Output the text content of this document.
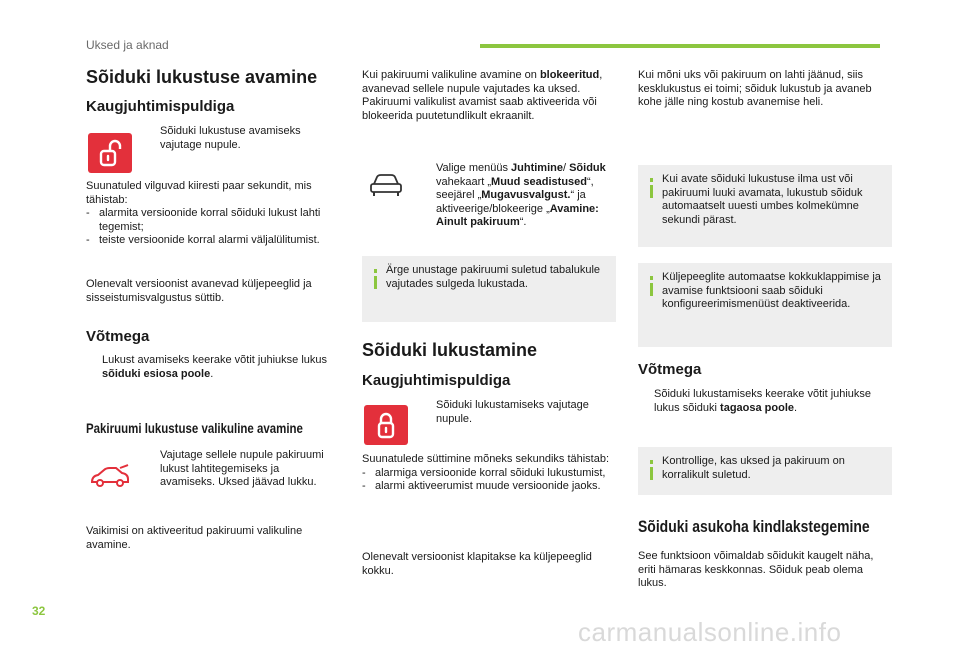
Uksed ja aknad
Sõiduki lukustuse avamine
Kaugjuhtimispuldiga
Sõiduki lukustuse avamiseks vajutage nupule.

Suunatuled vilguvad kiiresti paar sekundit, mis tähistab:

- alarmita versioonide korral sõiduki lukust lahti tegemist;
- teiste versioonide korral alarmi väljalülitumist.

Olenevalt versioonist avanevad küljepeeglid ja sisseistumisvalgustus süttib.

Võtmega
Lukust avamiseks keerake võtit juhiukse lukus sõiduki esiosa poole.
Pakiruumi lukustuse valikuline avamine
Vajutage sellele nupule pakiruumi lukust lahtitegemiseks ja avamiseks. Uksed jäävad lukku.

Vaikimisi on aktiveeritud pakiruumi valikuline avamine.

Kui pakiruumi valikuline avamine on blokeeritud, avanevad sellele nupule vajutades ka uksed. Pakiruumi valikulist avamist saab aktiveerida või blokeerida puutetundlikult ekraanilt.

Valige menüüs Juhtimine/ Sõiduk vahekaart „Muud seadistused“, seejärel „Mugavusvalgust.“ ja aktiveerige/blokeerige „Avamine: Ainult pakiruum“.

Ärge unustage pakiruumi suletud tabalukule vajutades sulgeda lukustada.

Sõiduki lukustamine
Kaugjuhtimispuldiga
Sõiduki lukustamiseks vajutage nupule.

Suunatulede süttimine mõneks sekundiks tähistab:

- alarmiga versioonide korral sõiduki lukustumist,
- alarmi aktiveerumist muude versioonide jaoks.

Olenevalt versioonist klapitakse ka küljepeeglid kokku.

Kui mõni uks või pakiruum on lahti jäänud, siis kesklukustus ei toimi; sõiduk lukustub ja avaneb kohe jälle ning kostub avanemise heli.

Kui avate sõiduki lukustuse ilma ust või pakiruumi luuki avamata, lukustub sõiduk automaatselt uuesti umbes kolmekümne sekundi pärast.

Küljepeeglite automaatse kokkuklappimise ja avamise funktsiooni saab sõiduki konfigureerimismenüüst deaktiveerida.

Võtmega
Sõiduki lukustamiseks keerake võtit juhiukse lukus sõiduki tagaosa poole.

Kontrollige, kas uksed ja pakiruum on korralikult suletud.

Sõiduki asukoha kindlakstegemine

See funktsioon võimaldab sõidukit kaugelt näha, eriti hämaras keskkonnas. Sõiduk peab olema lukus.

32
carmanualsonline.info
